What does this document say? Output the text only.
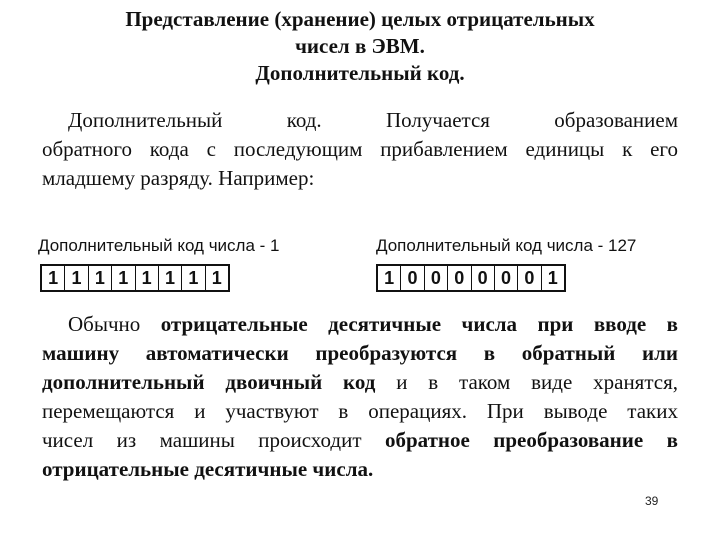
Представление (хранение) целых отрицательных
чисел в ЭВМ.
Дополнительный код.
Дополнительный код.	Получается образованием
обратного кода с последующим прибавлением единицы к его
младшему разряду. Например:
Дополнительный код числа - 1
1 1 1 1 1 1 1 1
Дополнительный код числа - 127
1 0 0 0 0 0 0 1
Обычно отрицательные десятичные числа при вводе в
машину автоматически преобразуются в обратный или
дополнительный двоичный код и в таком виде хранятся,
перемещаются и участвуют в операциях. При выводе таких
чисел из машины происходит обратное преобразование в
отрицательные десятичные числа.
39
